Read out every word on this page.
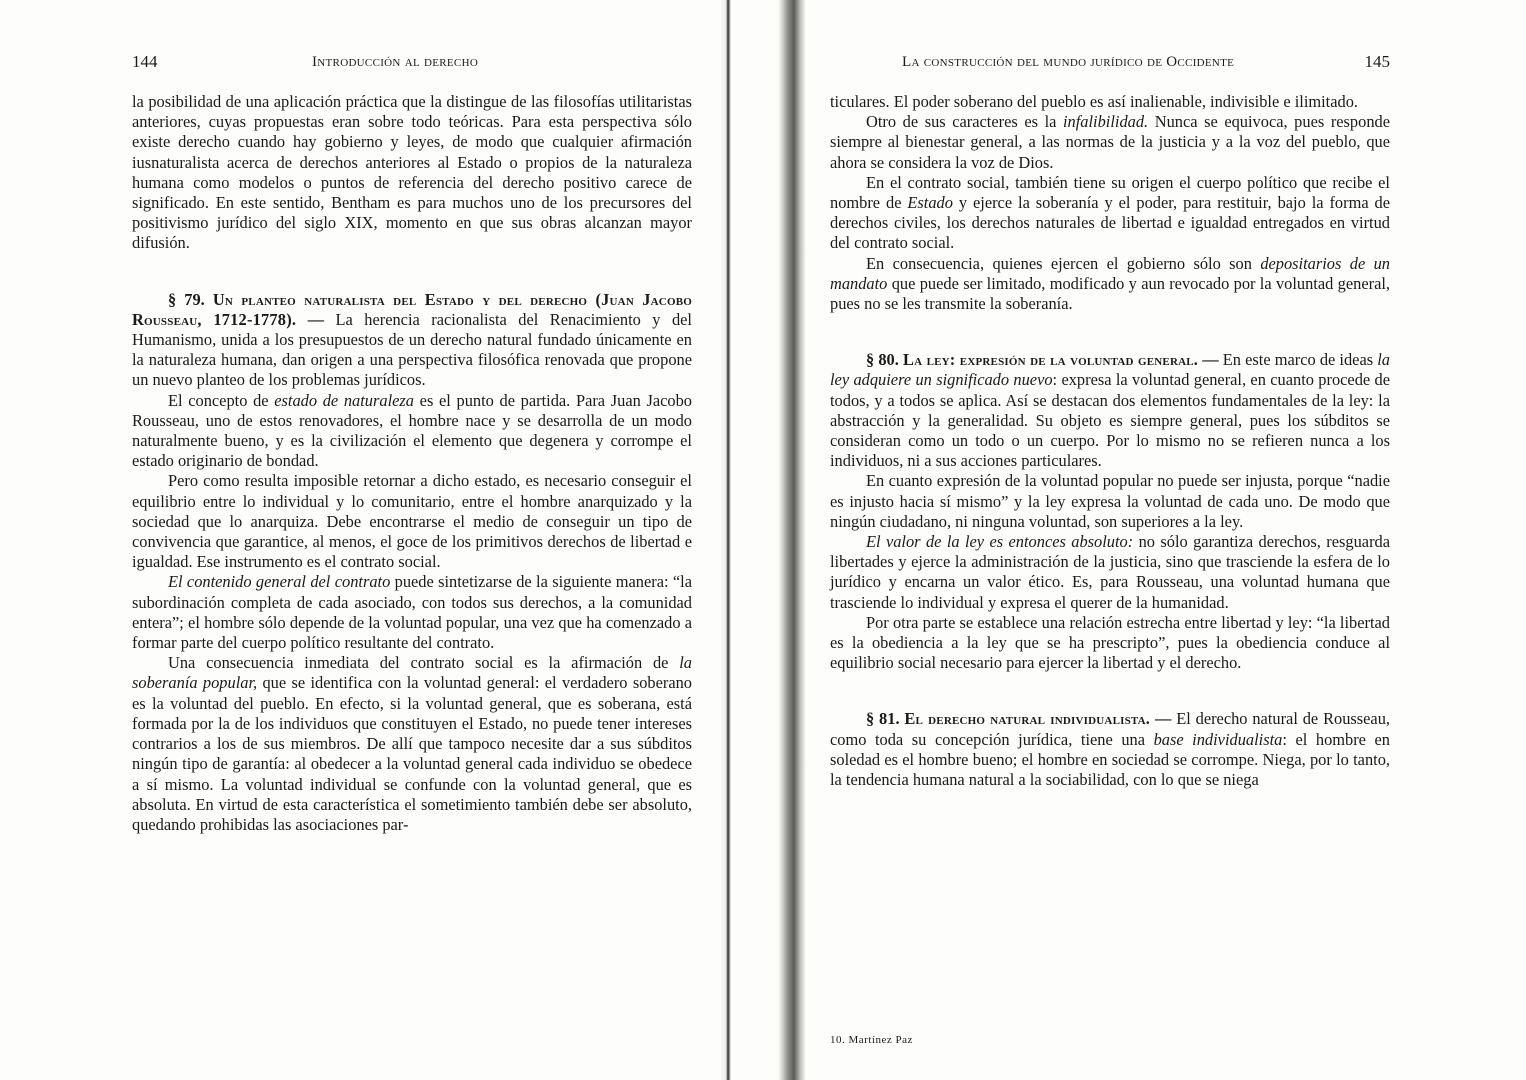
144	Introducción al derecho

la posibilidad de una aplicación práctica que la distingue de las filosofías utilitaristas anteriores, cuyas propuestas eran sobre todo teóricas. Para esta perspectiva sólo existe derecho cuando hay gobierno y leyes, de modo que cualquier afirmación iusnaturalista acerca de derechos anteriores al Estado o propios de la naturaleza humana como modelos o puntos de referencia del derecho positivo carece de significado. En este sentido, Bentham es para muchos uno de los precursores del positivismo jurídico del siglo XIX, momento en que sus obras alcanzan mayor difusión.

§ 79. Un planteo naturalista del Estado y del derecho (Juan Jacobo Rousseau, 1712-1778). — La herencia racionalista del Renacimiento y del Humanismo, unida a los presupuestos de un derecho natural fundado únicamente en la naturaleza humana, dan origen a una perspectiva filosófica renovada que propone un nuevo planteo de los problemas jurídicos.

El concepto de estado de naturaleza es el punto de partida. Para Juan Jacobo Rousseau, uno de estos renovadores, el hombre nace y se desarrolla de un modo naturalmente bueno, y es la civilización el elemento que degenera y corrompe el estado originario de bondad.

Pero como resulta imposible retornar a dicho estado, es necesario conseguir el equilibrio entre lo individual y lo comunitario, entre el hombre anarquizado y la sociedad que lo anarquiza. Debe encontrarse el medio de conseguir un tipo de convivencia que garantice, al menos, el goce de los primitivos derechos de libertad e igualdad. Ese instrumento es el contrato social.

El contenido general del contrato puede sintetizarse de la siguiente manera: “la subordinación completa de cada asociado, con todos sus derechos, a la comunidad entera”; el hombre sólo depende de la voluntad popular, una vez que ha comenzado a formar parte del cuerpo político resultante del contrato.

Una consecuencia inmediata del contrato social es la afirmación de la soberanía popular, que se identifica con la voluntad general: el verdadero soberano es la voluntad del pueblo. En efecto, si la voluntad general, que es soberana, está formada por la de los individuos que constituyen el Estado, no puede tener intereses contrarios a los de sus miembros. De allí que tampoco necesite dar a sus súbditos ningún tipo de garantía: al obedecer a la voluntad general cada individuo se obedece a sí mismo. La voluntad individual se confunde con la voluntad general, que es absoluta. En virtud de esta característica el sometimiento también debe ser absoluto, quedando prohibidas las asociaciones par-

La construcción del mundo jurídico de Occidente	145

ticulares. El poder soberano del pueblo es así inalienable, indivisible e ilimitado.

Otro de sus caracteres es la infalibilidad. Nunca se equivoca, pues responde siempre al bienestar general, a las normas de la justicia y a la voz del pueblo, que ahora se considera la voz de Dios.

En el contrato social, también tiene su origen el cuerpo político que recibe el nombre de Estado y ejerce la soberanía y el poder, para restituir, bajo la forma de derechos civiles, los derechos naturales de libertad e igualdad entregados en virtud del contrato social.

En consecuencia, quienes ejercen el gobierno sólo son depositarios de un mandato que puede ser limitado, modificado y aun revocado por la voluntad general, pues no se les transmite la soberanía.

§ 80. La ley: expresión de la voluntad general. — En este marco de ideas la ley adquiere un significado nuevo: expresa la voluntad general, en cuanto procede de todos, y a todos se aplica. Así se destacan dos elementos fundamentales de la ley: la abstracción y la generalidad. Su objeto es siempre general, pues los súbditos se consideran como un todo o un cuerpo. Por lo mismo no se refieren nunca a los individuos, ni a sus acciones particulares.

En cuanto expresión de la voluntad popular no puede ser injusta, porque “nadie es injusto hacia sí mismo” y la ley expresa la voluntad de cada uno. De modo que ningún ciudadano, ni ninguna voluntad, son superiores a la ley.

El valor de la ley es entonces absoluto: no sólo garantiza derechos, resguarda libertades y ejerce la administración de la justicia, sino que trasciende la esfera de lo jurídico y encarna un valor ético. Es, para Rousseau, una voluntad humana que trasciende lo individual y expresa el querer de la humanidad.

Por otra parte se establece una relación estrecha entre libertad y ley: “la libertad es la obediencia a la ley que se ha prescripto”, pues la obediencia conduce al equilibrio social necesario para ejercer la libertad y el derecho.

§ 81. El derecho natural individualista. — El derecho natural de Rousseau, como toda su concepción jurídica, tiene una base individualista: el hombre en soledad es el hombre bueno; el hombre en sociedad se corrompe. Niega, por lo tanto, la tendencia humana natural a la sociabilidad, con lo que se niega

10. Martínez Paz
